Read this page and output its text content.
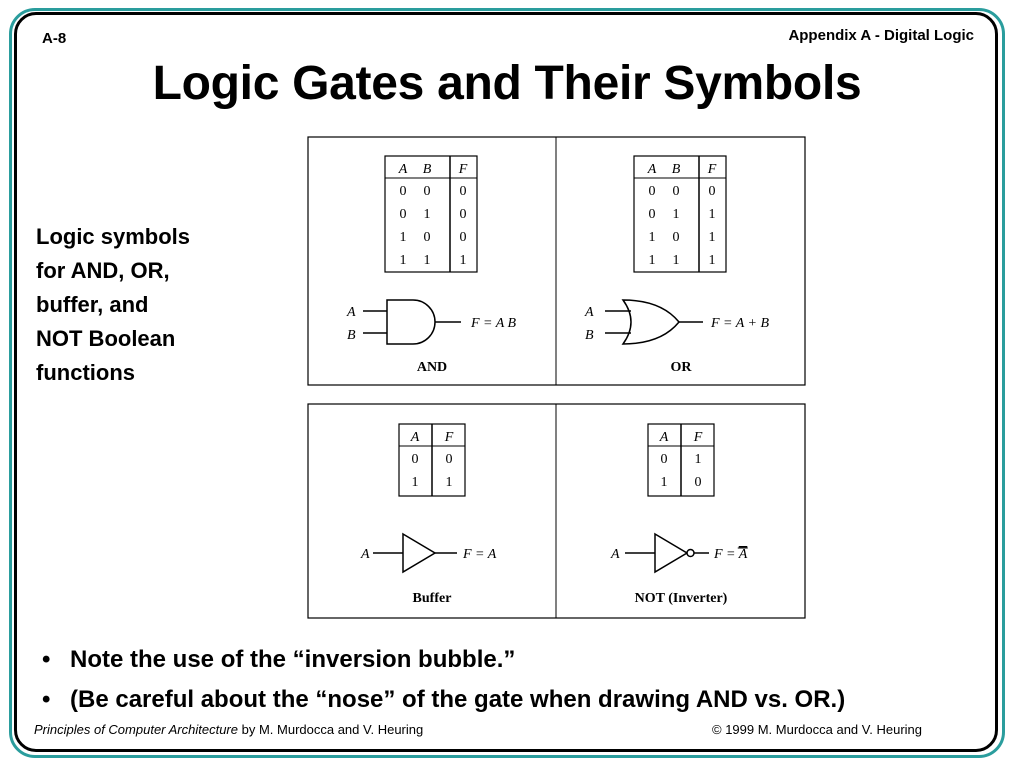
A-8	Appendix A - Digital Logic
Logic Gates and Their Symbols
Logic symbols
for AND, OR,
buffer, and
NOT Boolean
functions
A B F
0 0 0
0 1 0
1 0 0
1 1 1
A
B
F = A B
AND
A B F
0 0 0
0 1 1
1 0 1
1 1 1
A
B
F = A + B
OR
A F
0 0
1 1
A	F = A
Buffer
A F
0 1
1 0
A	F = A
NOT (Inverter)
• Note the use of the “inversion bubble.”
• (Be careful about the “nose” of the gate when drawing AND vs. OR.)
Principles of Computer Architecture by M. Murdocca and V. Heuring	© 1999 M. Murdocca and V. Heuring
